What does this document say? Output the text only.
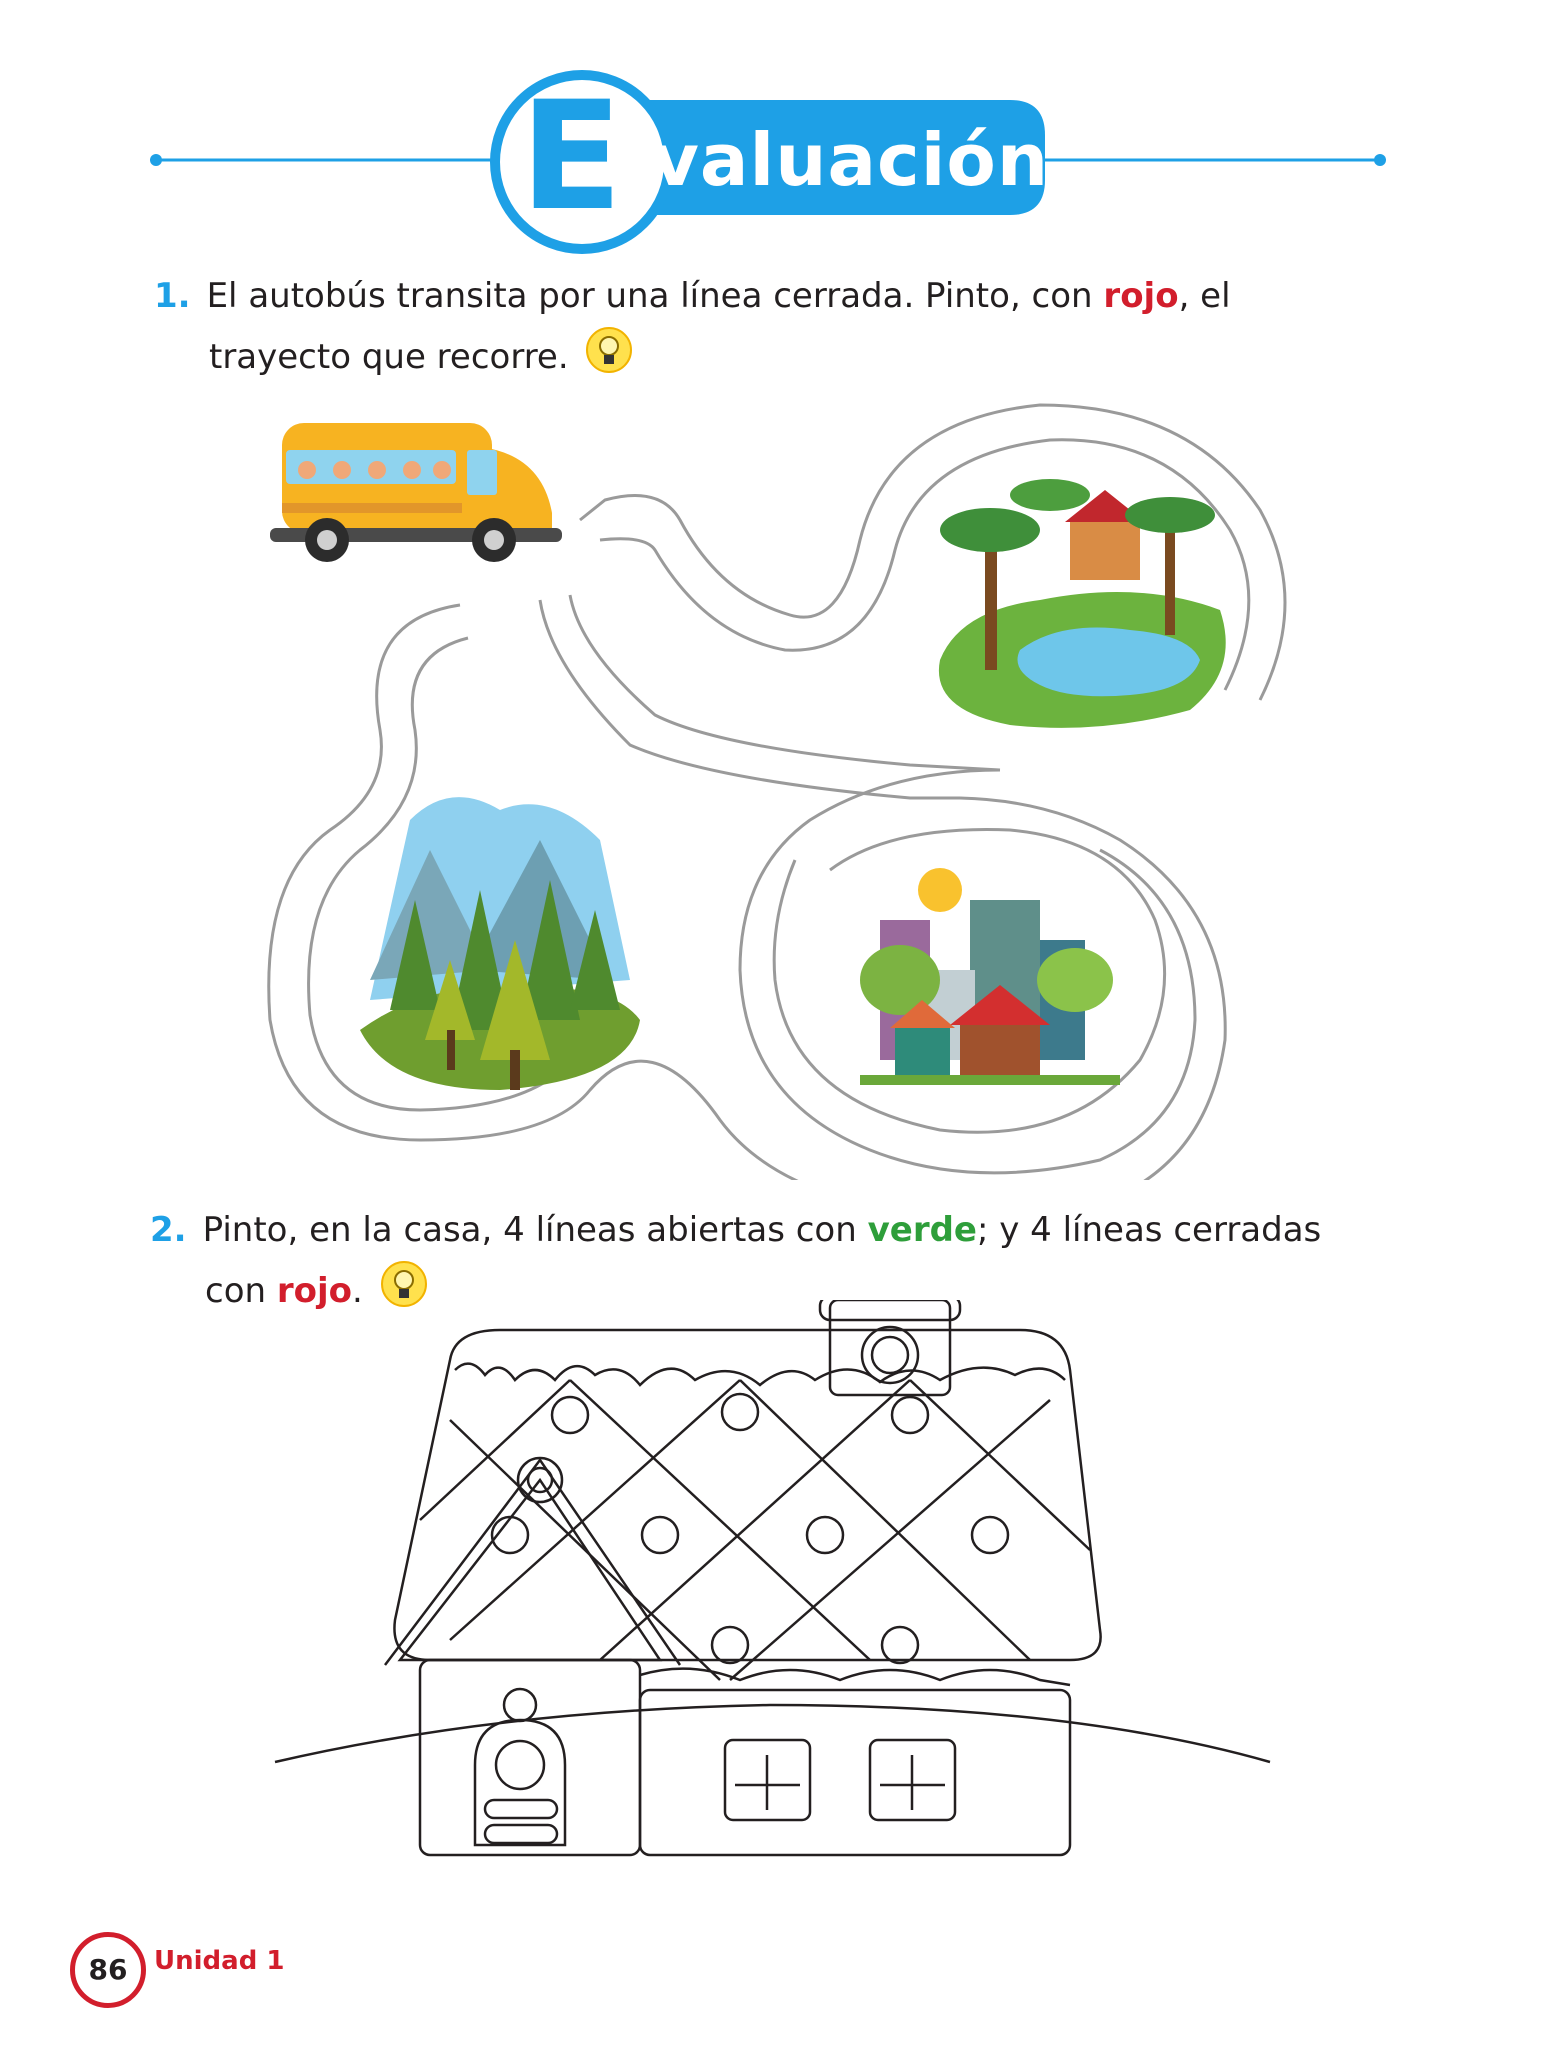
E valuación
1. El autobús transita por una línea cerrada. Pinto, con rojo, el
trayecto que recorre.
2. Pinto, en la casa, 4 líneas abiertas con verde; y 4 líneas cerradas
con rojo.
86	Unidad 1
